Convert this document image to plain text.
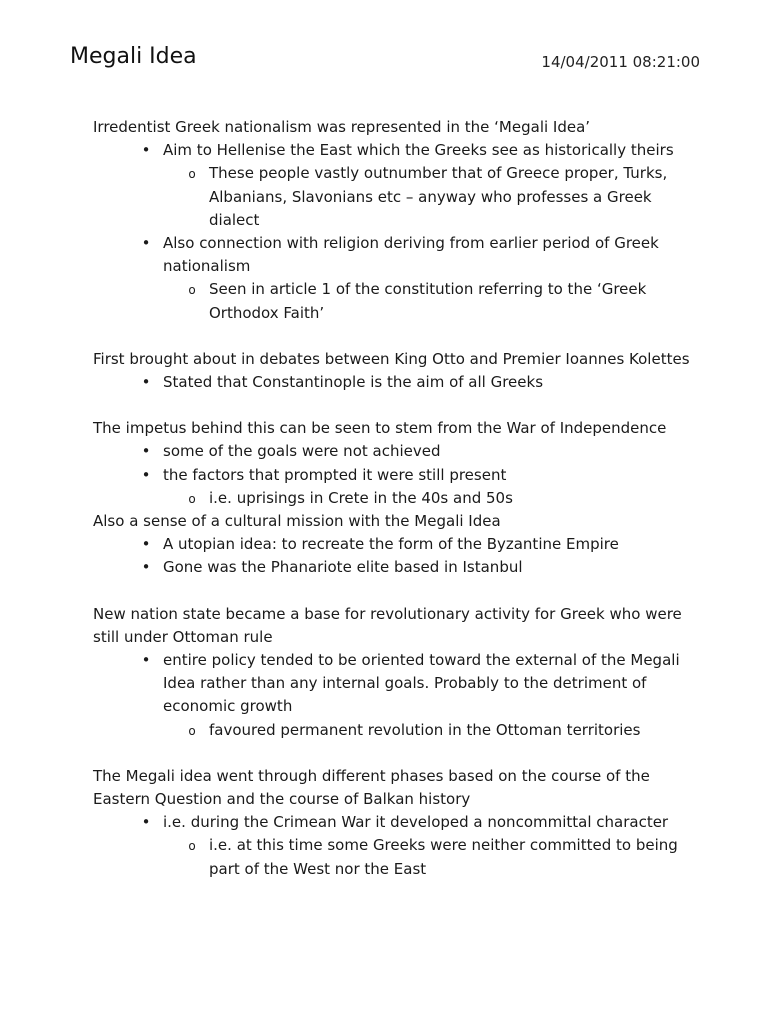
Megali Idea	14/04/2011 08:21:00

Irredentist Greek nationalism was represented in the ‘Megali Idea’

• Aim to Hellenise the East which the Greeks see as historically theirs
o These people vastly outnumber that of Greece proper, Turks, Albanians, Slavonians etc – anyway who professes a Greek dialect
• Also connection with religion deriving from earlier period of Greek nationalism
o Seen in article 1 of the constitution referring to the ‘Greek Orthodox Faith’

First brought about in debates between King Otto and Premier Ioannes Kolettes

• Stated that Constantinople is the aim of all Greeks

The impetus behind this can be seen to stem from the War of Independence

• some of the goals were not achieved
• the factors that prompted it were still present
o i.e. uprisings in Crete in the 40s and 50s

Also a sense of a cultural mission with the Megali Idea

• A utopian idea: to recreate the form of the Byzantine Empire
• Gone was the Phanariote elite based in Istanbul

New nation state became a base for revolutionary activity for Greek who were still under Ottoman rule

• entire policy tended to be oriented toward the external of the Megali Idea rather than any internal goals. Probably to the detriment of economic growth
o favoured permanent revolution in the Ottoman territories

The Megali idea went through different phases based on the course of the Eastern Question and the course of Balkan history

• i.e. during the Crimean War it developed a noncommittal character
o i.e. at this time some Greeks were neither committed to being part of the West nor the East
